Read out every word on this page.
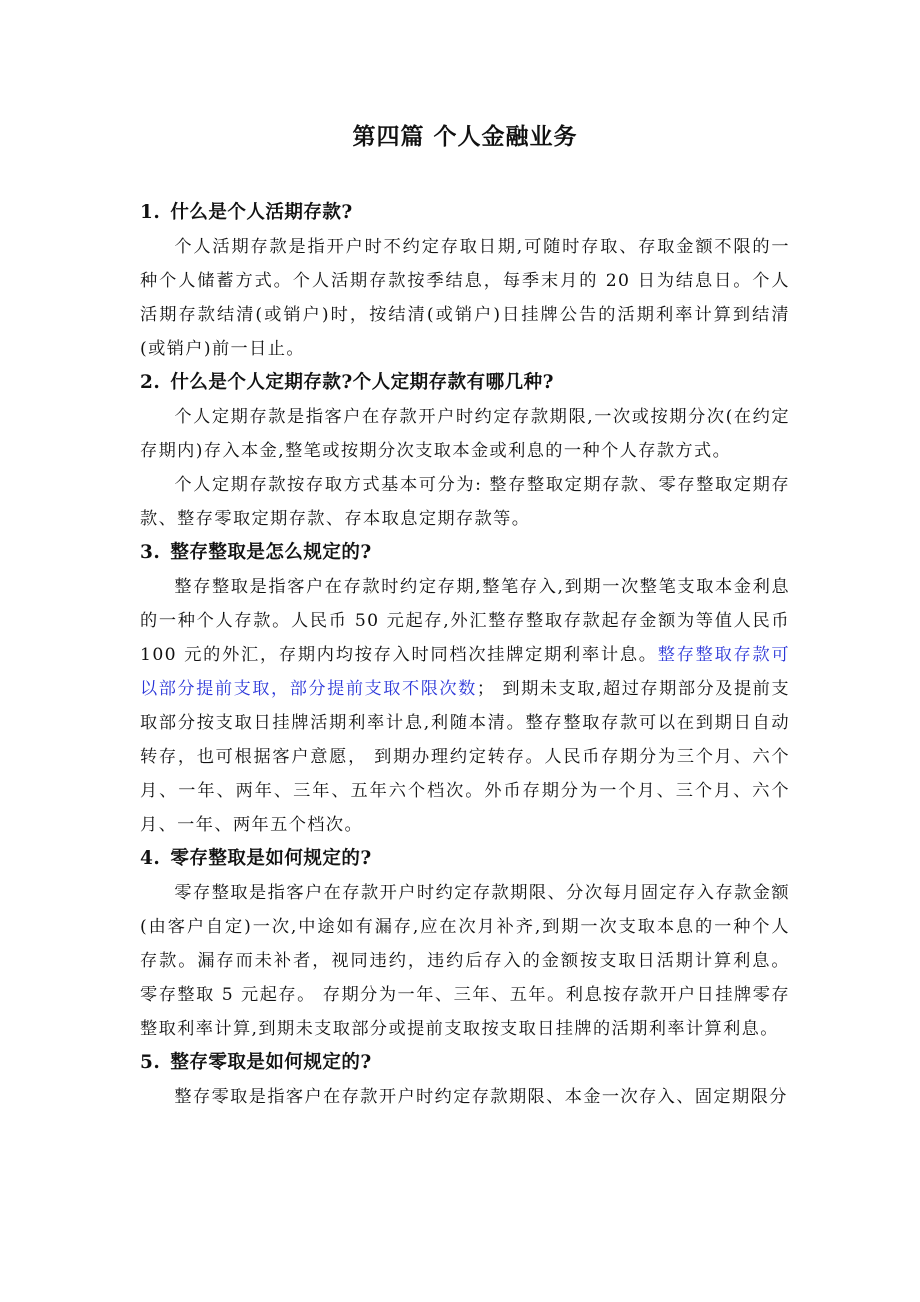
第四篇 个人金融业务
1. 什么是个人活期存款?

个人活期存款是指开户时不约定存取日期,可随时存取、存取金额不限的一种个人储蓄方式。个人活期存款按季结息，每季末月的 20 日为结息日。个人活期存款结清(或销户)时，按结清(或销户)日挂牌公告的活期利率计算到结清(或销户)前一日止。

2. 什么是个人定期存款?个人定期存款有哪几种?

个人定期存款是指客户在存款开户时约定存款期限,一次或按期分次(在约定存期内)存入本金,整笔或按期分次支取本金或利息的一种个人存款方式。

个人定期存款按存取方式基本可分为: 整存整取定期存款、零存整取定期存款、整存零取定期存款、存本取息定期存款等。

3. 整存整取是怎么规定的?

整存整取是指客户在存款时约定存期,整笔存入,到期一次整笔支取本金利息的一种个人存款。人民币 50 元起存,外汇整存整取存款起存金额为等值人民币 100 元的外汇，存期内均按存入时同档次挂牌定期利率计息。整存整取存款可以部分提前支取，部分提前支取不限次数； 到期未支取,超过存期部分及提前支取部分按支取日挂牌活期利率计息,利随本清。整存整取存款可以在到期日自动转存，也可根据客户意愿， 到期办理约定转存。人民币存期分为三个月、六个月、一年、两年、三年、五年六个档次。外币存期分为一个月、三个月、六个月、一年、两年五个档次。

4. 零存整取是如何规定的?

零存整取是指客户在存款开户时约定存款期限、分次每月固定存入存款金额(由客户自定)一次,中途如有漏存,应在次月补齐,到期一次支取本息的一种个人存款。漏存而未补者，视同违约，违约后存入的金额按支取日活期计算利息。零存整取 5 元起存。 存期分为一年、三年、五年。利息按存款开户日挂牌零存整取利率计算,到期未支取部分或提前支取按支取日挂牌的活期利率计算利息。

5. 整存零取是如何规定的?

整存零取是指客户在存款开户时约定存款期限、本金一次存入、固定期限分
